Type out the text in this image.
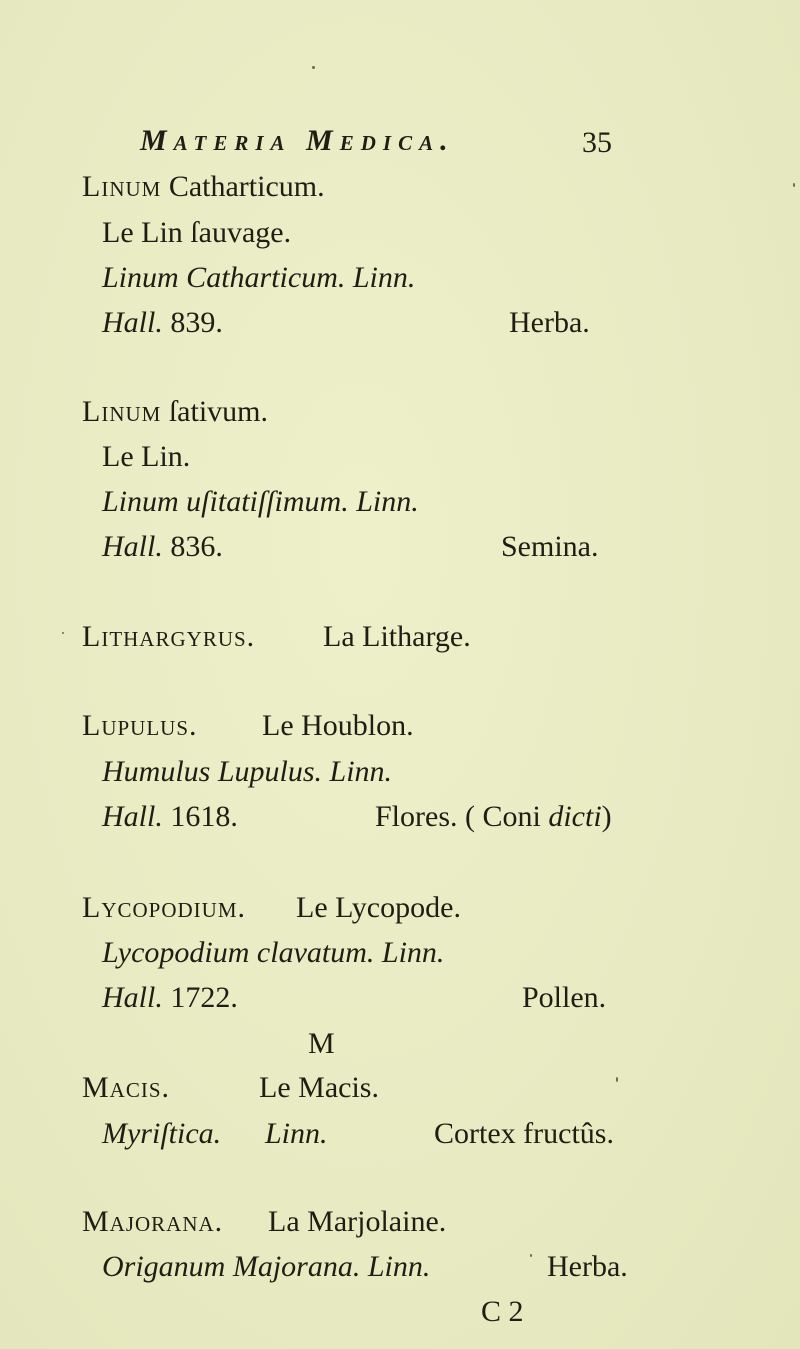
Materia Medica.	35
Linum Catharticum.
Le Lin ſauvage.
Linum Catharticum. Linn.
Hall. 839.	Herba.
Linum ſativum.
Le Lin.
Linum uſitatiſſimum. Linn.
Hall. 836.	Semina.
Lithargyrus. La Litharge.
Lupulus. Le Houblon.
Humulus Lupulus. Linn.
Hall. 1618.	Flores. ( Coni dicti)
Lycopodium. Le Lycopode.
Lycopodium clavatum. Linn.
Hall. 1722.	Pollen.
M
Macis.	Le Macis.
Myriſtica. Linn.	Cortex fructûs.
Majorana. La Marjolaine.
Origanum Majorana. Linn.	Herba.
C 2
